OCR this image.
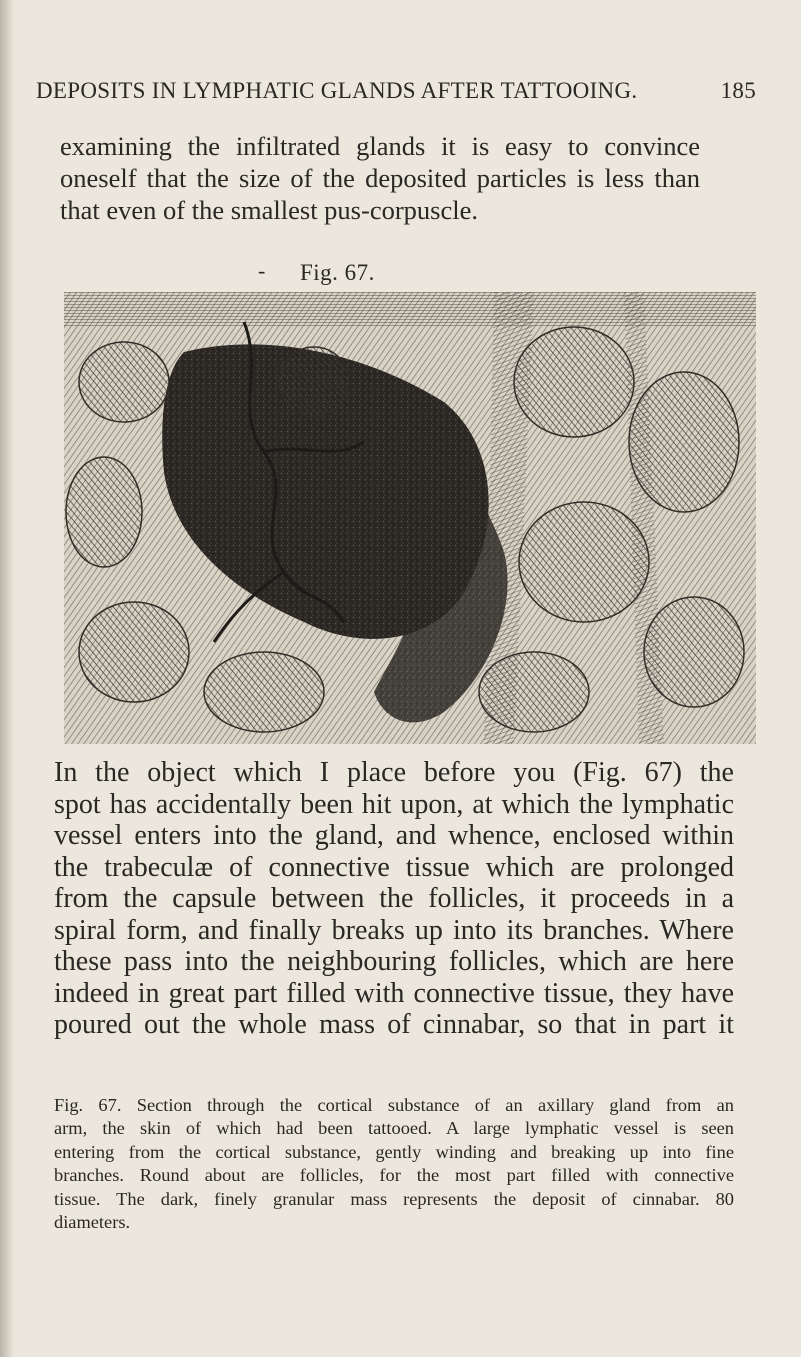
DEPOSITS IN LYMPHATIC GLANDS AFTER TATTOOING.	185
examining the infiltrated glands it is easy to convince
oneself that the size of the deposited particles is less than
that even of the smallest pus-corpuscle.
- Fig. 67.
In the object which I place before you (Fig. 67) the
spot has accidentally been hit upon, at which the lymphatic
vessel enters into the gland, and whence, enclosed within
the trabeculæ of connective tissue which are prolonged
from the capsule between the follicles, it proceeds in a
spiral form, and finally breaks up into its branches. Where
these pass into the neighbouring follicles, which are here
indeed in great part filled with connective tissue, they have
poured out the whole mass of cinnabar, so that in part it
Fig. 67. Section through the cortical substance of an axillary gland from an
arm, the skin of which had been tattooed. A large lymphatic vessel is seen
entering from the cortical substance, gently winding and breaking up into fine
branches. Round about are follicles, for the most part filled with connective
tissue. The dark, finely granular mass represents the deposit of cinnabar. 80
diameters.
